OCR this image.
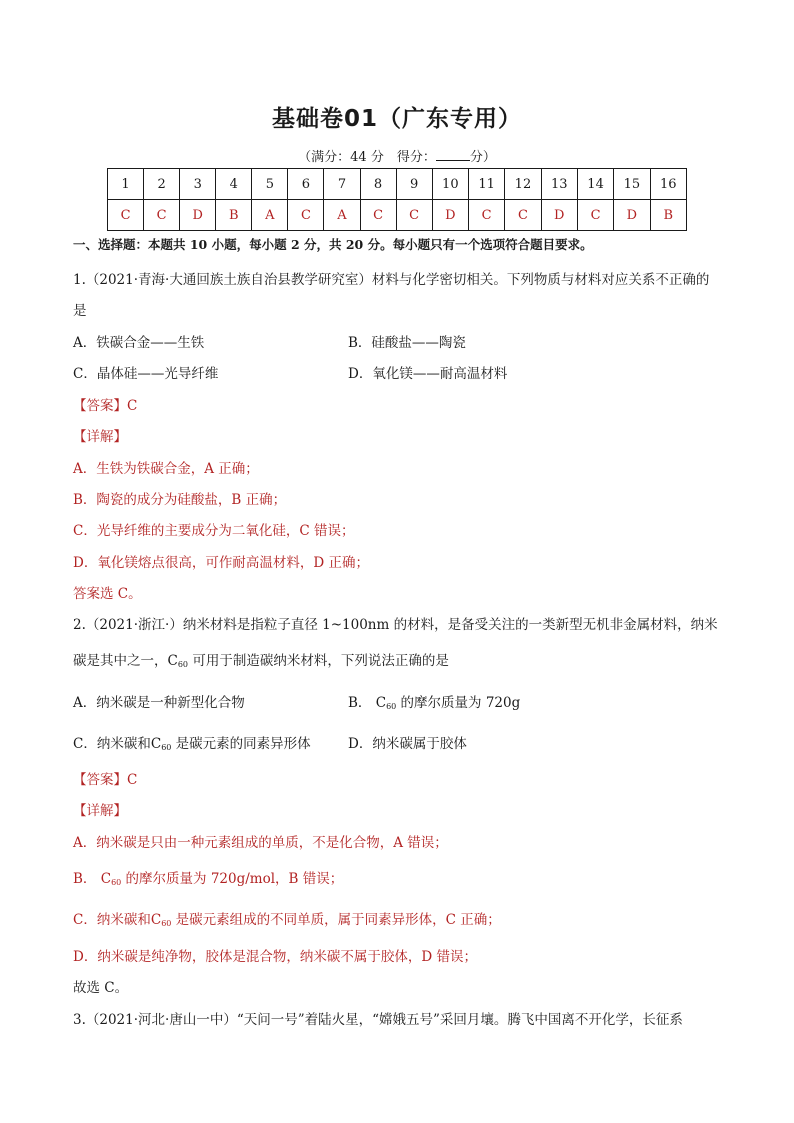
基础卷01（广东专用）
（满分：44 分　得分：	分）
1	2	3	4	5	6	7	8	9	10	11	12	13	14	15	16
C	C	D	B	A	C	A	C	C	D	C	C	D	C	D	B
一、选择题：本题共 10 小题，每小题 2 分，共 20 分。每小题只有一个选项符合题目要求。
1.（2021·青海·大通回族土族自治县教学研究室）材料与化学密切相关。下列物质与材料对应关系不正确的
是
A．铁碳合金——生铁	B．硅酸盐——陶瓷
C．晶体硅——光导纤维	D．氧化镁——耐高温材料
【答案】C
【详解】
A．生铁为铁碳合金，A 正确；
B．陶瓷的成分为硅酸盐，B 正确；
C．光导纤维的主要成分为二氧化硅，C 错误；
D．氧化镁熔点很高，可作耐高温材料，D 正确；
答案选 C。
2.（2021·浙江·）纳米材料是指粒子直径 1~100nm 的材料，是备受关注的一类新型无机非金属材料，纳米
碳是其中之一，$C_{60}$ 可用于制造碳纳米材料，下列说法正确的是
A．纳米碳是一种新型化合物	B． $C_{60}$ 的摩尔质量为 720g
C．纳米碳和$C_{60}$ 是碳元素的同素异形体	D．纳米碳属于胶体
【答案】C
【详解】
A．纳米碳是只由一种元素组成的单质，不是化合物，A 错误；
B． $C_{60}$ 的摩尔质量为 720g/mol，B 错误；
C．纳米碳和$C_{60}$ 是碳元素组成的不同单质，属于同素异形体，C 正确；
D．纳米碳是纯净物，胶体是混合物，纳米碳不属于胶体，D 错误；
故选 C。
3.（2021·河北·唐山一中）“天问一号”着陆火星，“嫦娥五号”采回月壤。腾飞中国离不开化学，长征系
